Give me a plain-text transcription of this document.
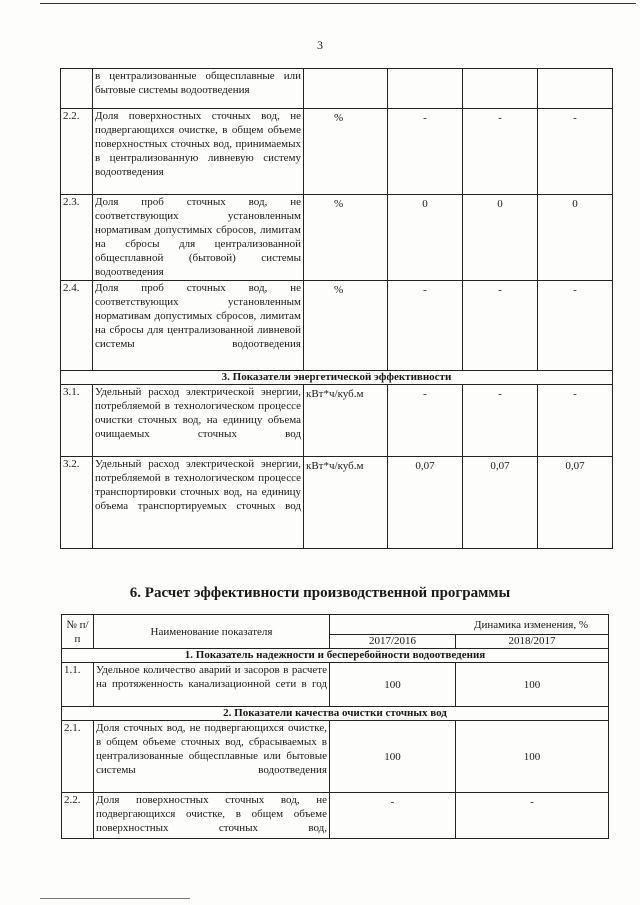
3
	в централизованные общесплавные или бытовые системы водоотведения				
2.2.	Доля поверхностных сточных вод, не подвергающихся очистке, в общем объеме поверхностных сточных вод, принимаемых в централизованную ливневую систему водоотведения	%	-	-	-
2.3.	Доля проб сточных вод, не соответствующих установленным нормативам допустимых сбросов, лимитам на сбросы для централизованной общесплавной (бытовой) системы водоотведения	%	0	0	0
2.4.	Доля проб сточных вод, не соответствующих установленным нормативам допустимых сбросов, лимитам на сбросы для централизованной ливневой системы водоотведения	%	-	-	-
3. Показатели энергетической эффективности					
3.1.	Удельный расход электрической энергии, потребляемой в технологическом процессе очистки сточных вод, на единицу объема очищаемых сточных вод	кВт*ч/куб.м	-	-	-
3.2.	Удельный расход электрической энергии, потребляемой в технологическом процессе транспортировки сточных вод, на единицу объема транспортируемых сточных вод	кВт*ч/куб.м	0,07	0,07	0,07
6. Расчет эффективности производственной программы
№ п/п	Наименование показателя	Динамика изменения, %	
		2017/2016	2018/2017
1. Показатель надежности и бесперебойности водоотведения			
1.1.	Удельное количество аварий и засоров в расчете на протяженность канализационной сети в год	100	100
2. Показатели качества очистки сточных вод			
2.1.	Доля сточных вод, не подвергающихся очистке, в общем объеме сточных вод, сбрасываемых в централизованные общесплавные или бытовые системы водоотведения	100	100
2.2.	Доля поверхностных сточных вод, не подвергающихся очистке, в общем объеме поверхностных сточных вод,	-	-
